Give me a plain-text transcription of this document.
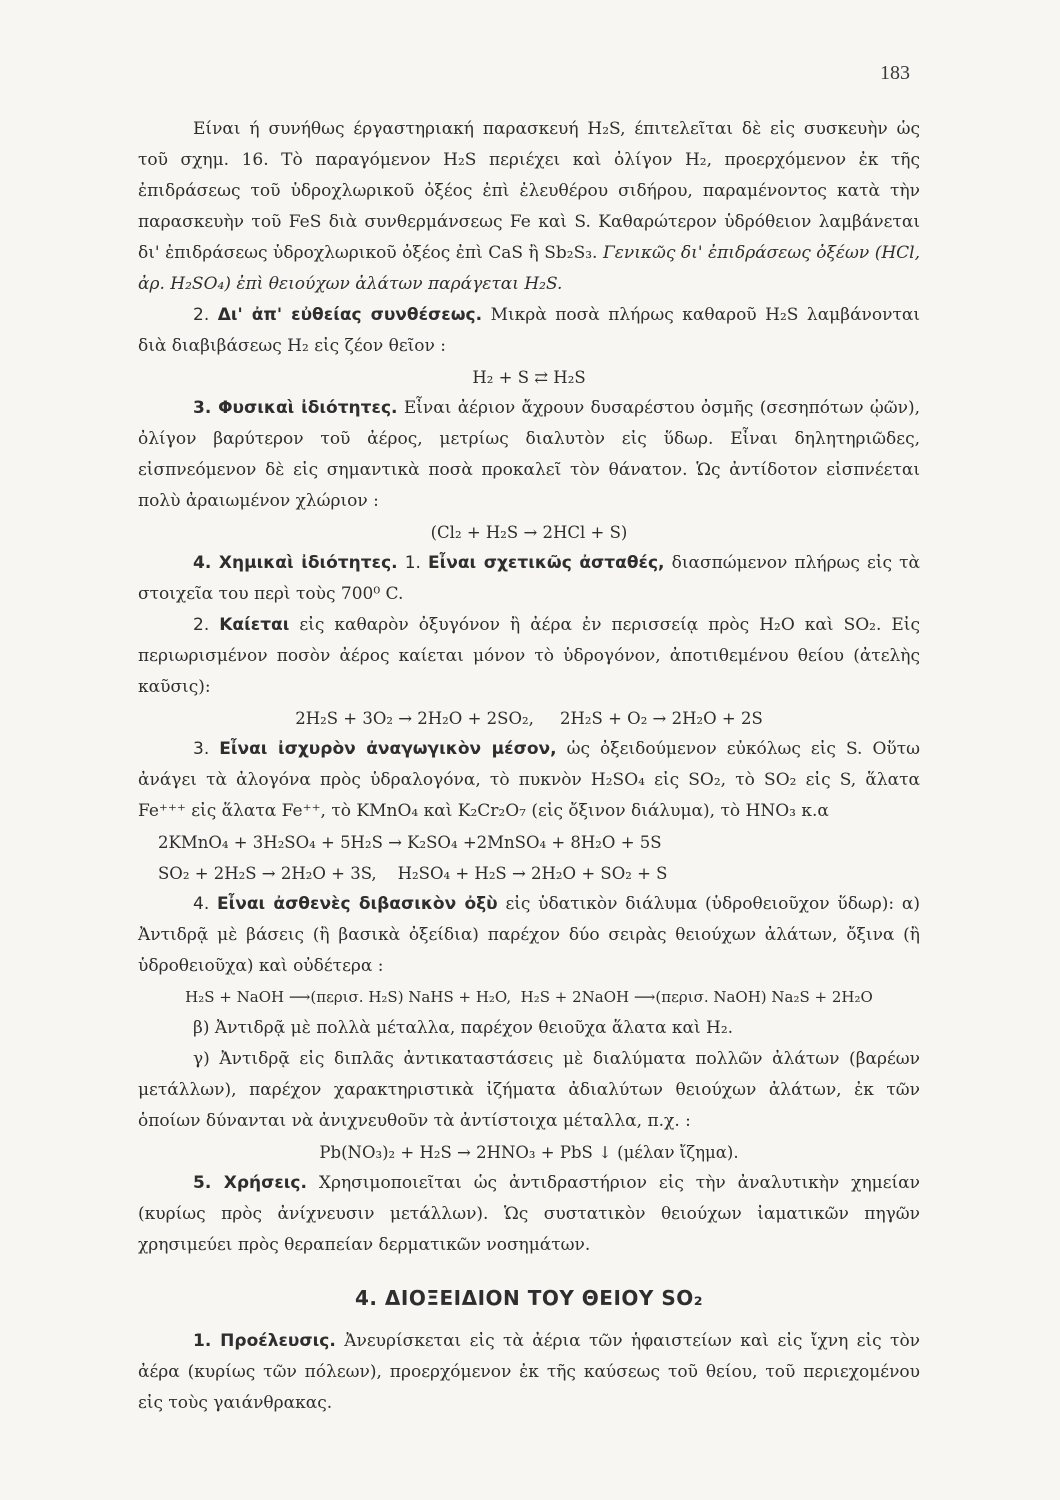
183

Είναι ή συνήθως έργαστηριακή παρασκευή H₂S, έπιτελεῖται δὲ εἰς συσκευὴν ὡς τοῦ σχημ. 16. Τὸ παραγόμενον H₂S περιέχει καὶ ὀλίγον H₂, προερχόμενον ἐκ τῆς ἐπιδράσεως τοῦ ὑδροχλωρικοῦ ὀξέος ἐπὶ ἐλευθέρου σιδήρου, παραμένοντος κατὰ τὴν παρασκευὴν τοῦ FeS διὰ συνθερμάνσεως Fe καὶ S. Καθαρώτερον ὑδρόθειον λαμβάνεται δι' ἐπιδράσεως ὑδροχλωρικοῦ ὀξέος ἐπὶ CaS ἢ Sb₂S₃. Γενικῶς δι' ἐπιδράσεως ὀξέων (HCl, ἀρ. H₂SO₄) ἐπὶ θειούχων ἀλάτων παράγεται H₂S.

2. Δι' ἀπ' εὐθείας συνθέσεως. Μικρὰ ποσὰ πλήρως καθαροῦ H₂S λαμβάνονται διὰ διαβιβάσεως H₂ εἰς ζέον θεῖον :

H₂ + S ⇄ H₂S

3. Φυσικαὶ ἰδιότητες. Εἶναι ἀέριον ἄχρουν δυσαρέστου ὀσμῆς (σεσηπότων ᾠῶν), ὀλίγον βαρύτερον τοῦ ἀέρος, μετρίως διαλυτὸν εἰς ὕδωρ. Εἶναι δηλητηριῶδες, εἰσπνεόμενον δὲ εἰς σημαντικὰ ποσὰ προκαλεῖ τὸν θάνατον. Ὡς ἀντίδοτον εἰσπνέεται πολὺ ἀραιωμένον χλώριον :

(Cl₂ + H₂S → 2HCl + S)

4. Χημικαὶ ἰδιότητες. 1. Εἶναι σχετικῶς ἀσταθές, διασπώμενον πλήρως εἰς τὰ στοιχεῖα του περὶ τοὺς 700⁰ C.

2. Καίεται εἰς καθαρὸν ὀξυγόνον ἢ ἀέρα ἐν περισσείᾳ πρὸς H₂O καὶ SO₂. Εἰς περιωρισμένον ποσὸν ἀέρος καίεται μόνον τὸ ὑδρογόνον, ἀποτιθεμένου θείου (ἀτελὴς καῦσις):

2H₂S + 3O₂ → 2H₂O + 2SO₂,     2H₂S + O₂ → 2H₂O + 2S

3. Εἶναι ἰσχυρὸν ἀναγωγικὸν μέσον, ὡς ὀξειδούμενον εὐκόλως εἰς S. Οὕτω ἀνάγει τὰ ἀλογόνα πρὸς ὑδραλογόνα, τὸ πυκνὸν H₂SO₄ εἰς SO₂, τὸ SO₂ εἰς S, ἅλατα Fe⁺⁺⁺ εἰς ἅλατα Fe⁺⁺, τὸ KMnO₄ καὶ K₂Cr₂O₇ (εἰς ὄξινον διάλυμα), τὸ HNO₃ κ.α

2KMnO₄ + 3H₂SO₄ + 5H₂S → K₂SO₄ +2MnSO₄ + 8H₂O + 5S

SO₂ + 2H₂S → 2H₂O + 3S,    H₂SO₄ + H₂S → 2H₂O + SO₂ + S

4. Εἶναι ἀσθενὲς διβασικὸν ὀξὺ εἰς ὑδατικὸν διάλυμα (ὑδροθειοῦχον ὕδωρ): α) Ἀντιδρᾷ μὲ βάσεις (ἢ βασικὰ ὀξείδια) παρέχον δύο σειρὰς θειούχων ἀλάτων, ὄξινα (ἢ ὑδροθειοῦχα) καὶ οὐδέτερα :

H₂S + NaOH ⟶(περισ. H₂S) NaHS + H₂O,  H₂S + 2NaOH ⟶(περισ. NaOH) Na₂S + 2H₂O

β) Ἀντιδρᾷ μὲ πολλὰ μέταλλα, παρέχον θειοῦχα ἅλατα καὶ H₂.

γ) Ἀντιδρᾷ εἰς διπλᾶς ἀντικαταστάσεις μὲ διαλύματα πολλῶν ἀλάτων (βαρέων μετάλλων), παρέχον χαρακτηριστικὰ ἰζήματα ἀδιαλύτων θειούχων ἀλάτων, ἐκ τῶν ὁποίων δύνανται νὰ ἀνιχνευθοῦν τὰ ἀντίστοιχα μέταλλα, π.χ. :

Pb(NO₃)₂ + H₂S → 2HNO₃ + PbS ↓ (μέλαν ἴζημα).

5. Χρήσεις. Χρησιμοποιεῖται ὡς ἀντιδραστήριον εἰς τὴν ἀναλυτικὴν χημείαν (κυρίως πρὸς ἀνίχνευσιν μετάλλων). Ὡς συστατικὸν θειούχων ἰαματικῶν πηγῶν χρησιμεύει πρὸς θεραπείαν δερματικῶν νοσημάτων.

4. ΔΙΟΞΕΙΔΙΟΝ ΤΟΥ ΘΕΙΟΥ SO₂

1. Προέλευσις. Ἀνευρίσκεται εἰς τὰ ἀέρια τῶν ἡφαιστείων καὶ εἰς ἴχνη εἰς τὸν ἀέρα (κυρίως τῶν πόλεων), προερχόμενον ἐκ τῆς καύσεως τοῦ θείου, τοῦ περιεχομένου εἰς τοὺς γαιάνθρακας.
